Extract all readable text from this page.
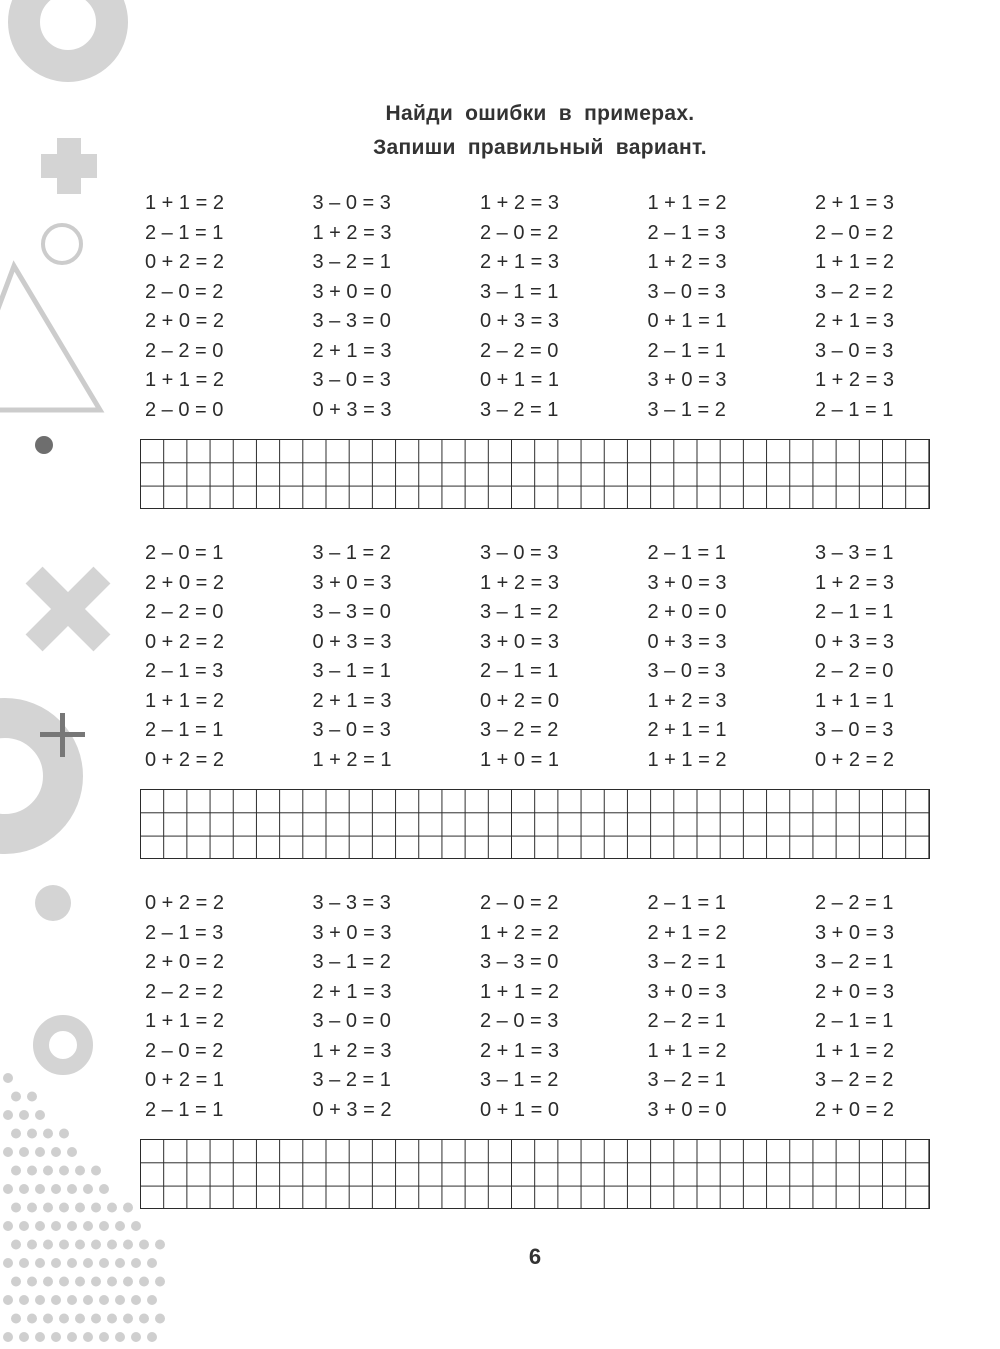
Найди ошибки в примерах.
Запиши правильный вариант.
1 + 1 = 2	3 – 0 = 3	1 + 2 = 3	1 + 1 = 2	2 + 1 = 3
2 – 1 = 1	1 + 2 = 3	2 – 0 = 2	2 – 1 = 3	2 – 0 = 2
0 + 2 = 2	3 – 2 = 1	2 + 1 = 3	1 + 2 = 3	1 + 1 = 2
2 – 0 = 2	3 + 0 = 0	3 – 1 = 1	3 – 0 = 3	3 – 2 = 2
2 + 0 = 2	3 – 3 = 0	0 + 3 = 3	0 + 1 = 1	2 + 1 = 3
2 – 2 = 0	2 + 1 = 3	2 – 2 = 0	2 – 1 = 1	3 – 0 = 3
1 + 1 = 2	3 – 0 = 3	0 + 1 = 1	3 + 0 = 3	1 + 2 = 3
2 – 0 = 0	0 + 3 = 3	3 – 2 = 1	3 – 1 = 2	2 – 1 = 1
2 – 0 = 1	3 – 1 = 2	3 – 0 = 3	2 – 1 = 1	3 – 3 = 1
2 + 0 = 2	3 + 0 = 3	1 + 2 = 3	3 + 0 = 3	1 + 2 = 3
2 – 2 = 0	3 – 3 = 0	3 – 1 = 2	2 + 0 = 0	2 – 1 = 1
0 + 2 = 2	0 + 3 = 3	3 + 0 = 3	0 + 3 = 3	0 + 3 = 3
2 – 1 = 3	3 – 1 = 1	2 – 1 = 1	3 – 0 = 3	2 – 2 = 0
1 + 1 = 2	2 + 1 = 3	0 + 2 = 0	1 + 2 = 3	1 + 1 = 1
2 – 1 = 1	3 – 0 = 3	3 – 2 = 2	2 + 1 = 1	3 – 0 = 3
0 + 2 = 2	1 + 2 = 1	1 + 0 = 1	1 + 1 = 2	0 + 2 = 2
0 + 2 = 2	3 – 3 = 3	2 – 0 = 2	2 – 1 = 1	2 – 2 = 1
2 – 1 = 3	3 + 0 = 3	1 + 2 = 2	2 + 1 = 2	3 + 0 = 3
2 + 0 = 2	3 – 1 = 2	3 – 3 = 0	3 – 2 = 1	3 – 2 = 1
2 – 2 = 2	2 + 1 = 3	1 + 1 = 2	3 + 0 = 3	2 + 0 = 3
1 + 1 = 2	3 – 0 = 0	2 – 0 = 3	2 – 2 = 1	2 – 1 = 1
2 – 0 = 2	1 + 2 = 3	2 + 1 = 3	1 + 1 = 2	1 + 1 = 2
0 + 2 = 1	3 – 2 = 1	3 – 1 = 2	3 – 2 = 1	3 – 2 = 2
2 – 1 = 1	0 + 3 = 2	0 + 1 = 0	3 + 0 = 0	2 + 0 = 2
6
